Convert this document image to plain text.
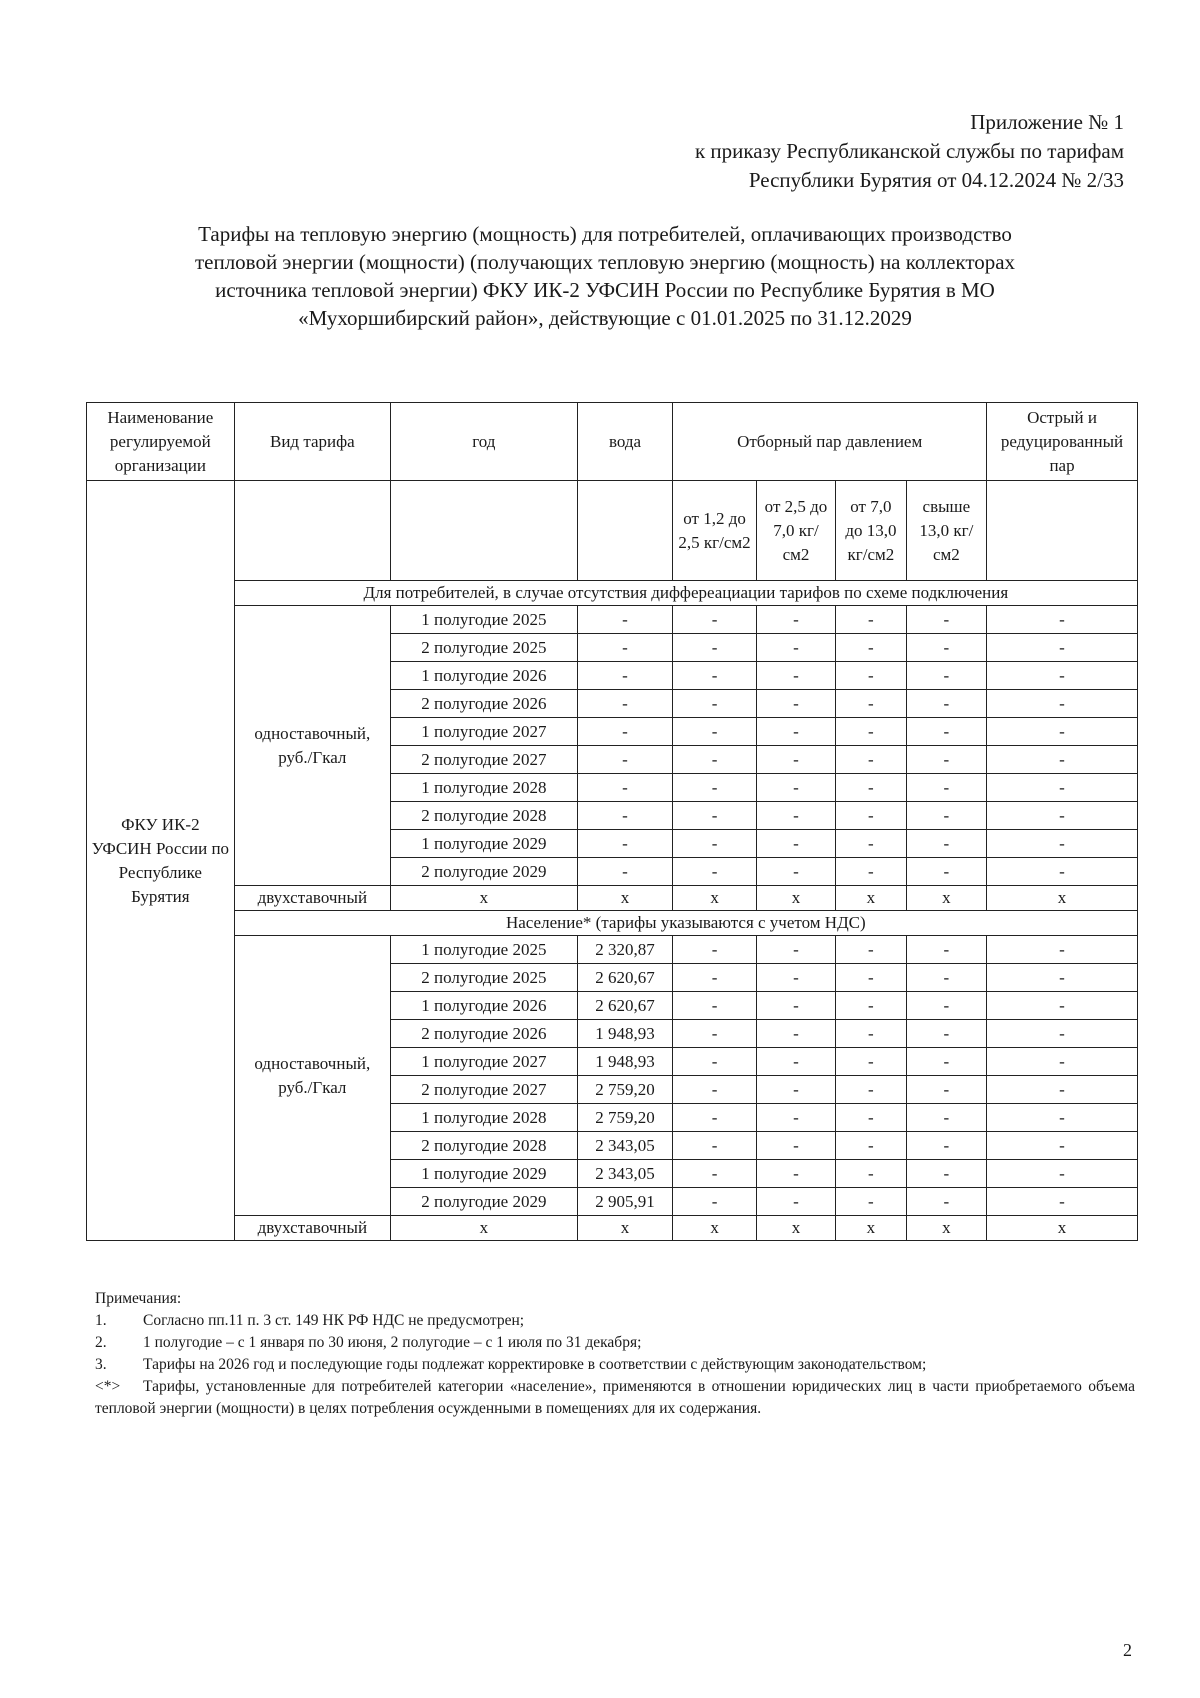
Приложение № 1
к приказу Республиканской службы по тарифам
Республики Бурятия от 04.12.2024 № 2/33
Тарифы на тепловую энергию (мощность) для потребителей, оплачивающих производство
тепловой энергии (мощности) (получающих тепловую энергию (мощность) на коллекторах
источника тепловой энергии) ФКУ ИК-2 УФСИН России по Республике Бурятия в МО
«Мухоршибирский район», действующие с 01.01.2025 по 31.12.2029
Наименование регулируемой организации	Вид тарифа	год	вода	Отборный пар давлением				Острый и редуцированный пар
ФКУ ИК-2 УФСИН России по Республике Бурятия				от 1,2 до 2,5 кг/см2	от 2,5 до 7,0 кг/см2	от 7,0 до 13,0 кг/см2	свыше 13,0 кг/см2	
	Для потребителей, в случае отсутствия диффереациации тарифов по схеме подключения							
	одноставочный, руб./Гкал	1 полугодие 2025	-	-	-	-	-	-
		2 полугодие 2025	-	-	-	-	-	-
		1 полугодие 2026	-	-	-	-	-	-
		2 полугодие 2026	-	-	-	-	-	-
		1 полугодие 2027	-	-	-	-	-	-
		2 полугодие 2027	-	-	-	-	-	-
		1 полугодие 2028	-	-	-	-	-	-
		2 полугодие 2028	-	-	-	-	-	-
		1 полугодие 2029	-	-	-	-	-	-
		2 полугодие 2029	-	-	-	-	-	-
	двухставочный	x	x	x	x	x	x	x
	Население* (тарифы указываются с учетом НДС)							
	одноставочный, руб./Гкал	1 полугодие 2025	2 320,87	-	-	-	-	-
		2 полугодие 2025	2 620,67	-	-	-	-	-
		1 полугодие 2026	2 620,67	-	-	-	-	-
		2 полугодие 2026	1 948,93	-	-	-	-	-
		1 полугодие 2027	1 948,93	-	-	-	-	-
		2 полугодие 2027	2 759,20	-	-	-	-	-
		1 полугодие 2028	2 759,20	-	-	-	-	-
		2 полугодие 2028	2 343,05	-	-	-	-	-
		1 полугодие 2029	2 343,05	-	-	-	-	-
		2 полугодие 2029	2 905,91	-	-	-	-	-
	двухставочный	x	x	x	x	x	x	x
Примечания:
1.	Согласно пп.11 п. 3 ст. 149 НК РФ НДС не предусмотрен;
2.	1 полугодие – с 1 января по 30 июня, 2 полугодие – с 1 июля по 31 декабря;
3. Тарифы на 2026 год и последующие годы подлежат корректировке в соответствии с действующим законодательством;
<*> Тарифы, установленные для потребителей категории «население», применяются в отношении юридических лиц в части приобретаемого объема тепловой энергии (мощности) в целях потребления осужденными в помещениях для их содержания.
2
